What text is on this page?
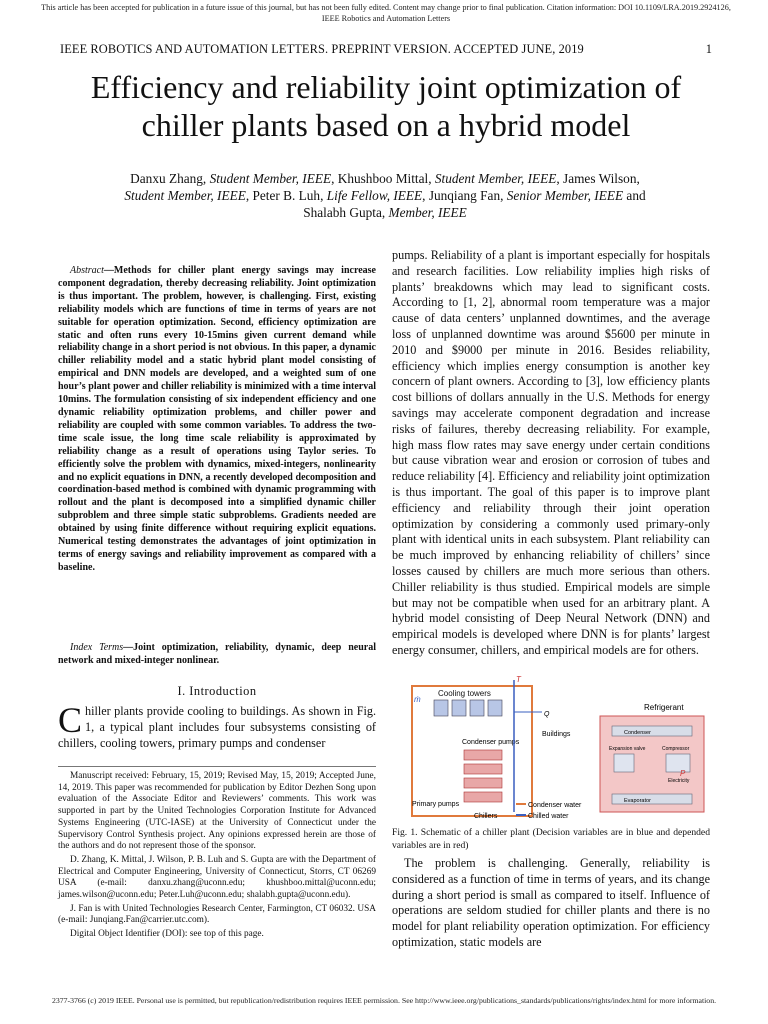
This article has been accepted for publication in a future issue of this journal, but has not been fully edited. Content may change prior to final publication. Citation information: DOI 10.1109/LRA.2019.2924126, IEEE Robotics and Automation Letters
IEEE ROBOTICS AND AUTOMATION LETTERS. PREPRINT VERSION. ACCEPTED JUNE, 2019	1
Efficiency and reliability joint optimization of chiller plants based on a hybrid model
Danxu Zhang, Student Member, IEEE, Khushboo Mittal, Student Member, IEEE, James Wilson,
Student Member, IEEE, Peter B. Luh, Life Fellow, IEEE, Junqiang Fan, Senior Member, IEEE and
Shalabh Gupta, Member, IEEE
Abstract—Methods for chiller plant energy savings may increase component degradation, thereby decreasing reliability. Joint optimization is thus important. The problem, however, is challenging. First, existing reliability models which are functions of time in terms of years are not suitable for operation optimization. Second, efficiency optimization are static and often runs every 10-15mins given current demand while reliability change in a short period is not obvious. In this paper, a dynamic chiller reliability model and a static hybrid plant model consisting of empirical and DNN models are developed, and a weighted sum of one hour’s plant power and chiller reliability is minimized with a time interval 10mins. The formulation consisting of six independent efficiency and one dynamic reliability optimization problems, and chiller power and reliability are coupled with some common variables. To address the two-time scale issue, the long time scale reliability is approximated by reliability change as a result of operations using Taylor series. To efficiently solve the problem with dynamics, mixed-integers, nonlinearity and no explicit equations in DNN, a recently developed decomposition and coordination-based method is combined with dynamic programming with rollout and the plant is decomposed into a simplified dynamic chiller subproblem and three simple static subproblems. Gradients needed are obtained by using finite difference without requiring explicit equations. Numerical testing demonstrates the advantages of joint optimization in terms of energy savings and reliability improvement as compared with a baseline.
Index Terms—Joint optimization, reliability, dynamic, deep neural network and mixed-integer nonlinear.
I. Introduction
Chiller plants provide cooling to buildings. As shown in Fig. 1, a typical plant includes four subsystems consisting of chillers, cooling towers, primary pumps and condenser

Manuscript received: February, 15, 2019; Revised May, 15, 2019; Accepted June, 14, 2019. This paper was recommended for publication by Editor Dezhen Song upon evaluation of the Associate Editor and Reviewers’ comments. This work was supported in part by the United Technologies Corporation Institute for Advanced Systems Engineering (UTC-IASE) at the University of Connecticut under the Supervisory Control Synthesis project. Any opinions expressed herein are those of the authors and do not represent those of the sponsor.

D. Zhang, K. Mittal, J. Wilson, P. B. Luh and S. Gupta are with the Department of Electrical and Computer Engineering, University of Connecticut, Storrs, CT 06269 USA (e-mail: danxu.zhang@uconn.edu; khushboo.mittal@uconn.edu; james.wilson@uconn.edu; Peter.Luh@uconn.edu; shalabh.gupta@uconn.edu).

J. Fan is with United Technologies Research Center, Farmington, CT 06032. USA (e-mail: Junqiang.Fan@carrier.utc.com).

Digital Object Identifier (DOI): see top of this page.

pumps. Reliability of a plant is important especially for hospitals and research facilities. Low reliability implies high risks of plants’ breakdowns which may lead to significant costs. According to [1, 2], abnormal room temperature was a major cause of data centers’ unplanned downtimes, and the average loss of unplanned downtime was around $5600 per minute in 2010 and $9000 per minute in 2016. Besides reliability, efficiency which implies energy consumption is another key concern of plant owners. According to [3], low efficiency plants cost billions of dollars annually in the U.S. Methods for energy savings may accelerate component degradation and increase risks of failures, thereby decreasing reliability. For example, high mass flow rates may save energy under certain conditions but cause vibration wear and erosion or corrosion of tubes and reduce reliability [4]. Efficiency and reliability joint optimization is thus important. The goal of this paper is to improve plant efficiency and reliability through their joint operation optimization by considering a commonly used primary-only plant with identical units in each subsystem. Plant reliability can be much improved by enhancing reliability of chillers’ since losses caused by chillers are much more serious than others. Chiller reliability is thus studied. Empirical models are simple but may not be compatible when used for an arbitrary plant. A hybrid model consisting of Deep Neural Network (DNN) and empirical models is developed where DNN is for plants’ largest energy consumer, chillers, and empirical models are for others.
Cooling towers
Condenser pumps
Primary pumps
Chillers
T
ṁ
Q
Buildings
Condenser water
Chilled water
Refrigerant
Condenser
Evaporator
Expansion valve	Compressor
Electricity
P
Fig. 1. Schematic of a chiller plant (Decision variables are in blue and depended variables are in red)
The problem is challenging. Generally, reliability is considered as a function of time in terms of years, and its change during a short period is small as compared to itself. Influence of operations are seldom studied for chiller plants and there is no model for plant reliability operation optimization. For efficiency optimization, static models are
2377-3766 (c) 2019 IEEE. Personal use is permitted, but republication/redistribution requires IEEE permission. See http://www.ieee.org/publications_standards/publications/rights/index.html for more information.
